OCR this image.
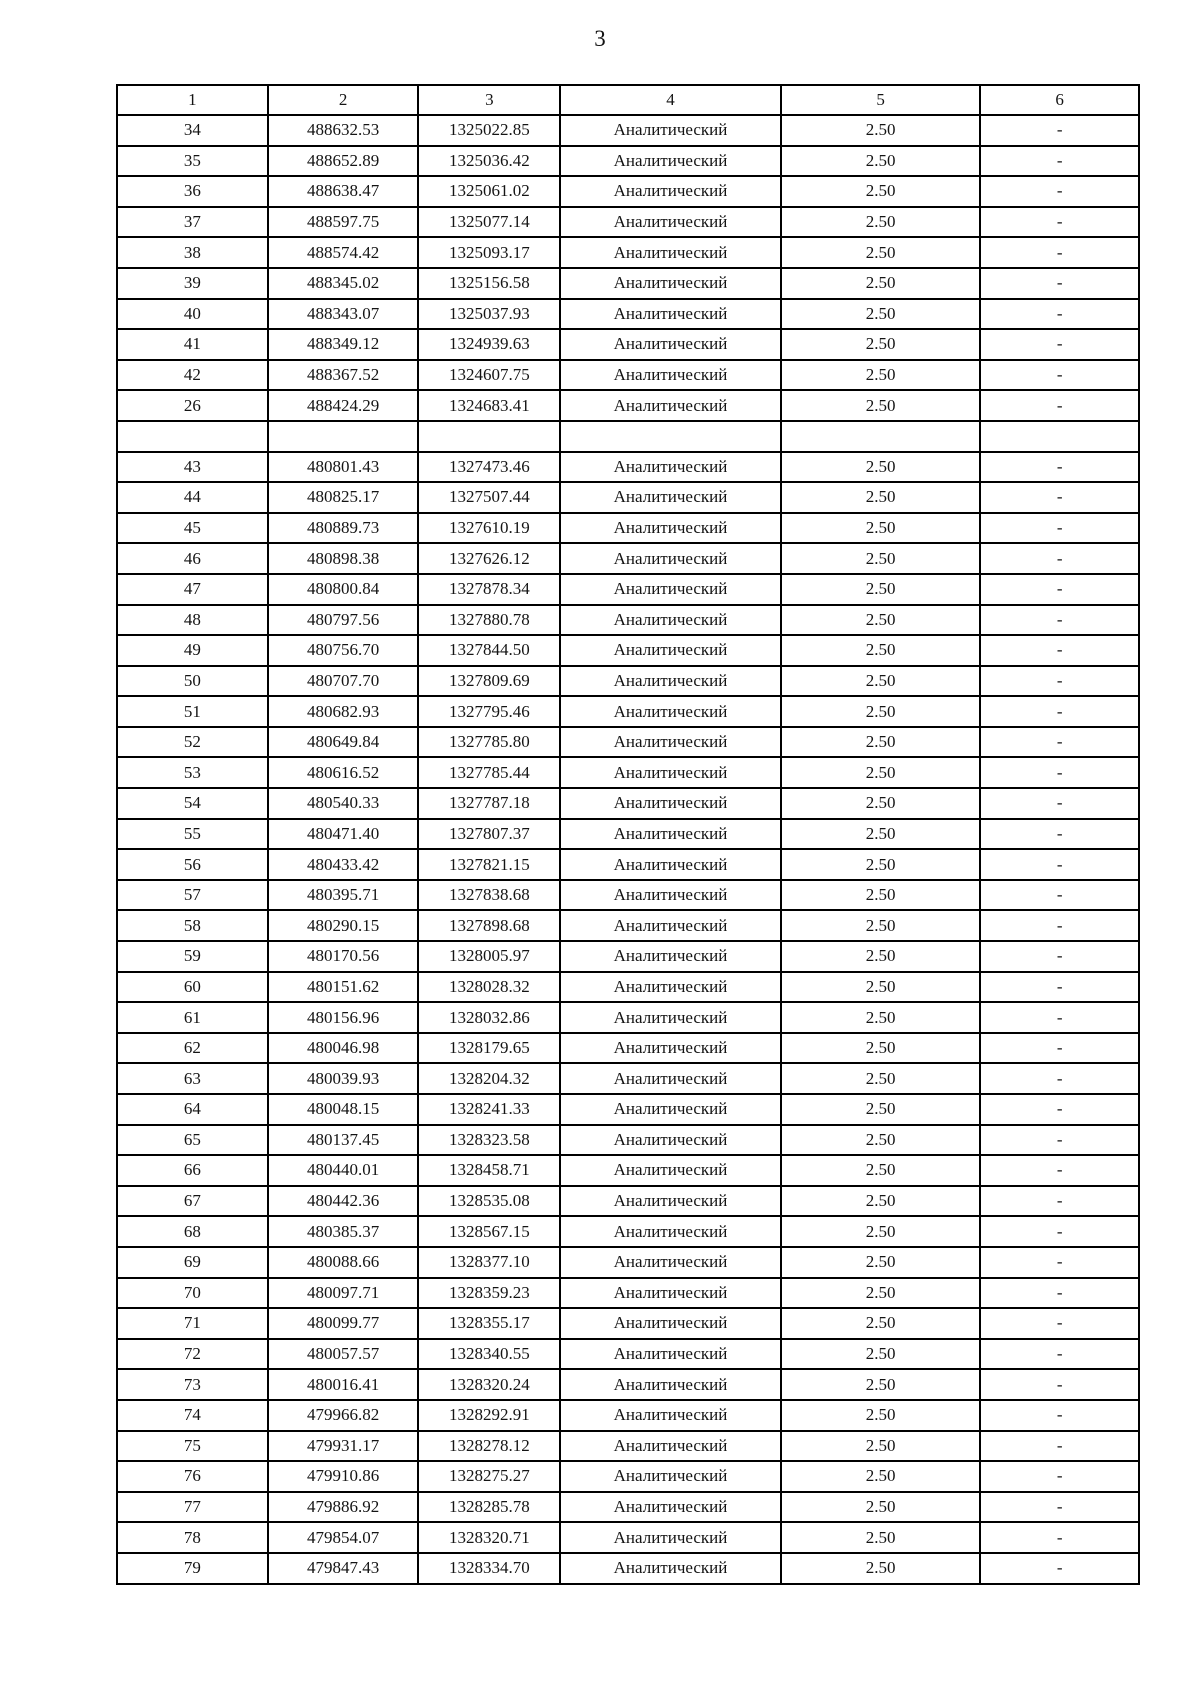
3
1	2	3	4	5	6
34	488632.53	1325022.85	Аналитический	2.50	-
35	488652.89	1325036.42	Аналитический	2.50	-
36	488638.47	1325061.02	Аналитический	2.50	-
37	488597.75	1325077.14	Аналитический	2.50	-
38	488574.42	1325093.17	Аналитический	2.50	-
39	488345.02	1325156.58	Аналитический	2.50	-
40	488343.07	1325037.93	Аналитический	2.50	-
41	488349.12	1324939.63	Аналитический	2.50	-
42	488367.52	1324607.75	Аналитический	2.50	-
26	488424.29	1324683.41	Аналитический	2.50	-

43	480801.43	1327473.46	Аналитический	2.50	-
44	480825.17	1327507.44	Аналитический	2.50	-
45	480889.73	1327610.19	Аналитический	2.50	-
46	480898.38	1327626.12	Аналитический	2.50	-
47	480800.84	1327878.34	Аналитический	2.50	-
48	480797.56	1327880.78	Аналитический	2.50	-
49	480756.70	1327844.50	Аналитический	2.50	-
50	480707.70	1327809.69	Аналитический	2.50	-
51	480682.93	1327795.46	Аналитический	2.50	-
52	480649.84	1327785.80	Аналитический	2.50	-
53	480616.52	1327785.44	Аналитический	2.50	-
54	480540.33	1327787.18	Аналитический	2.50	-
55	480471.40	1327807.37	Аналитический	2.50	-
56	480433.42	1327821.15	Аналитический	2.50	-
57	480395.71	1327838.68	Аналитический	2.50	-
58	480290.15	1327898.68	Аналитический	2.50	-
59	480170.56	1328005.97	Аналитический	2.50	-
60	480151.62	1328028.32	Аналитический	2.50	-
61	480156.96	1328032.86	Аналитический	2.50	-
62	480046.98	1328179.65	Аналитический	2.50	-
63	480039.93	1328204.32	Аналитический	2.50	-
64	480048.15	1328241.33	Аналитический	2.50	-
65	480137.45	1328323.58	Аналитический	2.50	-
66	480440.01	1328458.71	Аналитический	2.50	-
67	480442.36	1328535.08	Аналитический	2.50	-
68	480385.37	1328567.15	Аналитический	2.50	-
69	480088.66	1328377.10	Аналитический	2.50	-
70	480097.71	1328359.23	Аналитический	2.50	-
71	480099.77	1328355.17	Аналитический	2.50	-
72	480057.57	1328340.55	Аналитический	2.50	-
73	480016.41	1328320.24	Аналитический	2.50	-
74	479966.82	1328292.91	Аналитический	2.50	-
75	479931.17	1328278.12	Аналитический	2.50	-
76	479910.86	1328275.27	Аналитический	2.50	-
77	479886.92	1328285.78	Аналитический	2.50	-
78	479854.07	1328320.71	Аналитический	2.50	-
79	479847.43	1328334.70	Аналитический	2.50	-
